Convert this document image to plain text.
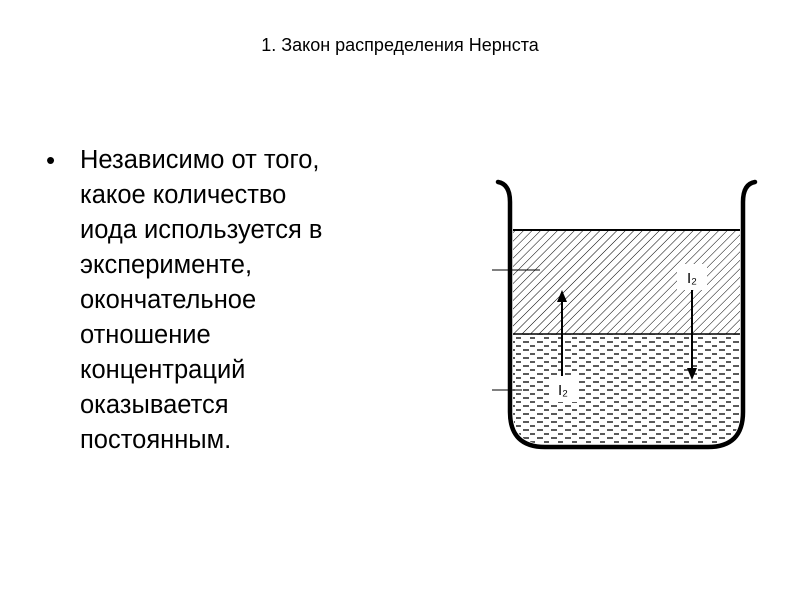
1. Закон распределения Нернста
• Независимо от того,
какое количество
иода используется в
эксперименте,
окончательное
отношение
концентраций
оказывается
постоянным.
I₂
I₂
